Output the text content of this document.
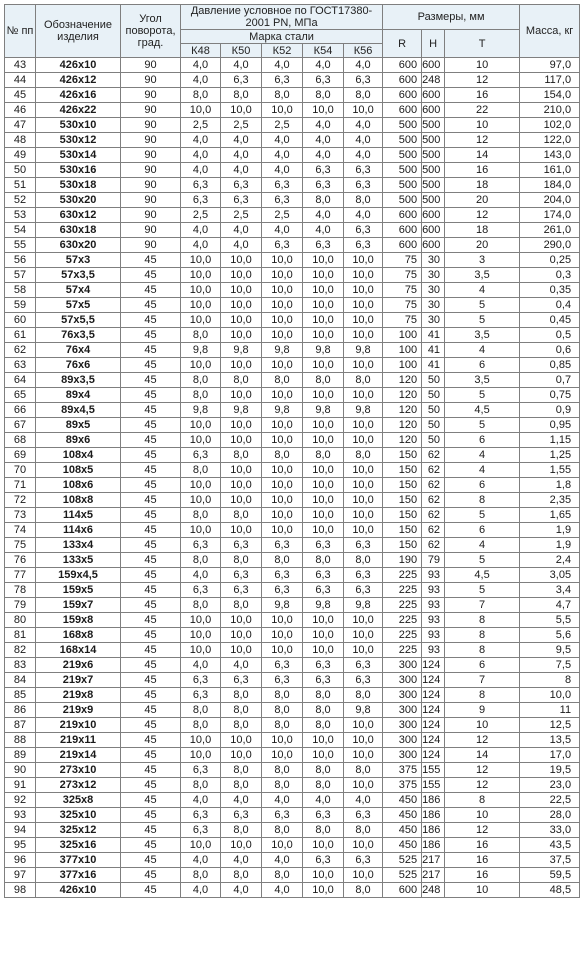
№ пп	Обозначение изделия	Угол поворота, град.	Давление условное по ГОСТ17380-2001 PN, МПа					Размеры, мм			Масса, кг
			Марка стали					R	H	T	
			К48	К50	К52	К54	К56				
43	426x10	90	4,0	4,0	4,0	4,0	4,0	600	600	10	97,0
44	426x12	90	4,0	6,3	6,3	6,3	6,3	600	248	12	117,0
45	426x16	90	8,0	8,0	8,0	8,0	8,0	600	600	16	154,0
46	426x22	90	10,0	10,0	10,0	10,0	10,0	600	600	22	210,0
47	530x10	90	2,5	2,5	2,5	4,0	4,0	500	500	10	102,0
48	530x12	90	4,0	4,0	4,0	4,0	4,0	500	500	12	122,0
49	530x14	90	4,0	4,0	4,0	4,0	4,0	500	500	14	143,0
50	530x16	90	4,0	4,0	4,0	6,3	6,3	500	500	16	161,0
51	530x18	90	6,3	6,3	6,3	6,3	6,3	500	500	18	184,0
52	530x20	90	6,3	6,3	6,3	8,0	8,0	500	500	20	204,0
53	630x12	90	2,5	2,5	2,5	4,0	4,0	600	600	12	174,0
54	630x18	90	4,0	4,0	4,0	4,0	6,3	600	600	18	261,0
55	630x20	90	4,0	4,0	6,3	6,3	6,3	600	600	20	290,0
56	57x3	45	10,0	10,0	10,0	10,0	10,0	75	30	3	0,25
57	57x3,5	45	10,0	10,0	10,0	10,0	10,0	75	30	3,5	0,3
58	57x4	45	10,0	10,0	10,0	10,0	10,0	75	30	4	0,35
59	57x5	45	10,0	10,0	10,0	10,0	10,0	75	30	5	0,4
60	57x5,5	45	10,0	10,0	10,0	10,0	10,0	75	30	5	0,45
61	76x3,5	45	8,0	10,0	10,0	10,0	10,0	100	41	3,5	0,5
62	76x4	45	9,8	9,8	9,8	9,8	9,8	100	41	4	0,6
63	76x6	45	10,0	10,0	10,0	10,0	10,0	100	41	6	0,85
64	89x3,5	45	8,0	8,0	8,0	8,0	8,0	120	50	3,5	0,7
65	89x4	45	8,0	10,0	10,0	10,0	10,0	120	50	5	0,75
66	89x4,5	45	9,8	9,8	9,8	9,8	9,8	120	50	4,5	0,9
67	89x5	45	10,0	10,0	10,0	10,0	10,0	120	50	5	0,95
68	89x6	45	10,0	10,0	10,0	10,0	10,0	120	50	6	1,15
69	108x4	45	6,3	8,0	8,0	8,0	8,0	150	62	4	1,25
70	108x5	45	8,0	10,0	10,0	10,0	10,0	150	62	4	1,55
71	108x6	45	10,0	10,0	10,0	10,0	10,0	150	62	6	1,8
72	108x8	45	10,0	10,0	10,0	10,0	10,0	150	62	8	2,35
73	114x5	45	8,0	8,0	10,0	10,0	10,0	150	62	5	1,65
74	114x6	45	10,0	10,0	10,0	10,0	10,0	150	62	6	1,9
75	133x4	45	6,3	6,3	6,3	6,3	6,3	150	62	4	1,9
76	133x5	45	8,0	8,0	8,0	8,0	8,0	190	79	5	2,4
77	159x4,5	45	4,0	6,3	6,3	6,3	6,3	225	93	4,5	3,05
78	159x5	45	6,3	6,3	6,3	6,3	6,3	225	93	5	3,4
79	159x7	45	8,0	8,0	9,8	9,8	9,8	225	93	7	4,7
80	159x8	45	10,0	10,0	10,0	10,0	10,0	225	93	8	5,5
81	168x8	45	10,0	10,0	10,0	10,0	10,0	225	93	8	5,6
82	168x14	45	10,0	10,0	10,0	10,0	10,0	225	93	8	9,5
83	219x6	45	4,0	4,0	6,3	6,3	6,3	300	124	6	7,5
84	219x7	45	6,3	6,3	6,3	6,3	6,3	300	124	7	8
85	219x8	45	6,3	8,0	8,0	8,0	8,0	300	124	8	10,0
86	219x9	45	8,0	8,0	8,0	8,0	9,8	300	124	9	11
87	219x10	45	8,0	8,0	8,0	8,0	10,0	300	124	10	12,5
88	219x11	45	10,0	10,0	10,0	10,0	10,0	300	124	12	13,5
89	219x14	45	10,0	10,0	10,0	10,0	10,0	300	124	14	17,0
90	273x10	45	6,3	8,0	8,0	8,0	8,0	375	155	12	19,5
91	273x12	45	8,0	8,0	8,0	8,0	10,0	375	155	12	23,0
92	325x8	45	4,0	4,0	4,0	4,0	4,0	450	186	8	22,5
93	325x10	45	6,3	6,3	6,3	6,3	6,3	450	186	10	28,0
94	325x12	45	6,3	8,0	8,0	8,0	8,0	450	186	12	33,0
95	325x16	45	10,0	10,0	10,0	10,0	10,0	450	186	16	43,5
96	377x10	45	4,0	4,0	4,0	6,3	6,3	525	217	16	37,5
97	377x16	45	8,0	8,0	8,0	10,0	10,0	525	217	16	59,5
98	426x10	45	4,0	4,0	4,0	10,0	8,0	600	248	10	48,5
